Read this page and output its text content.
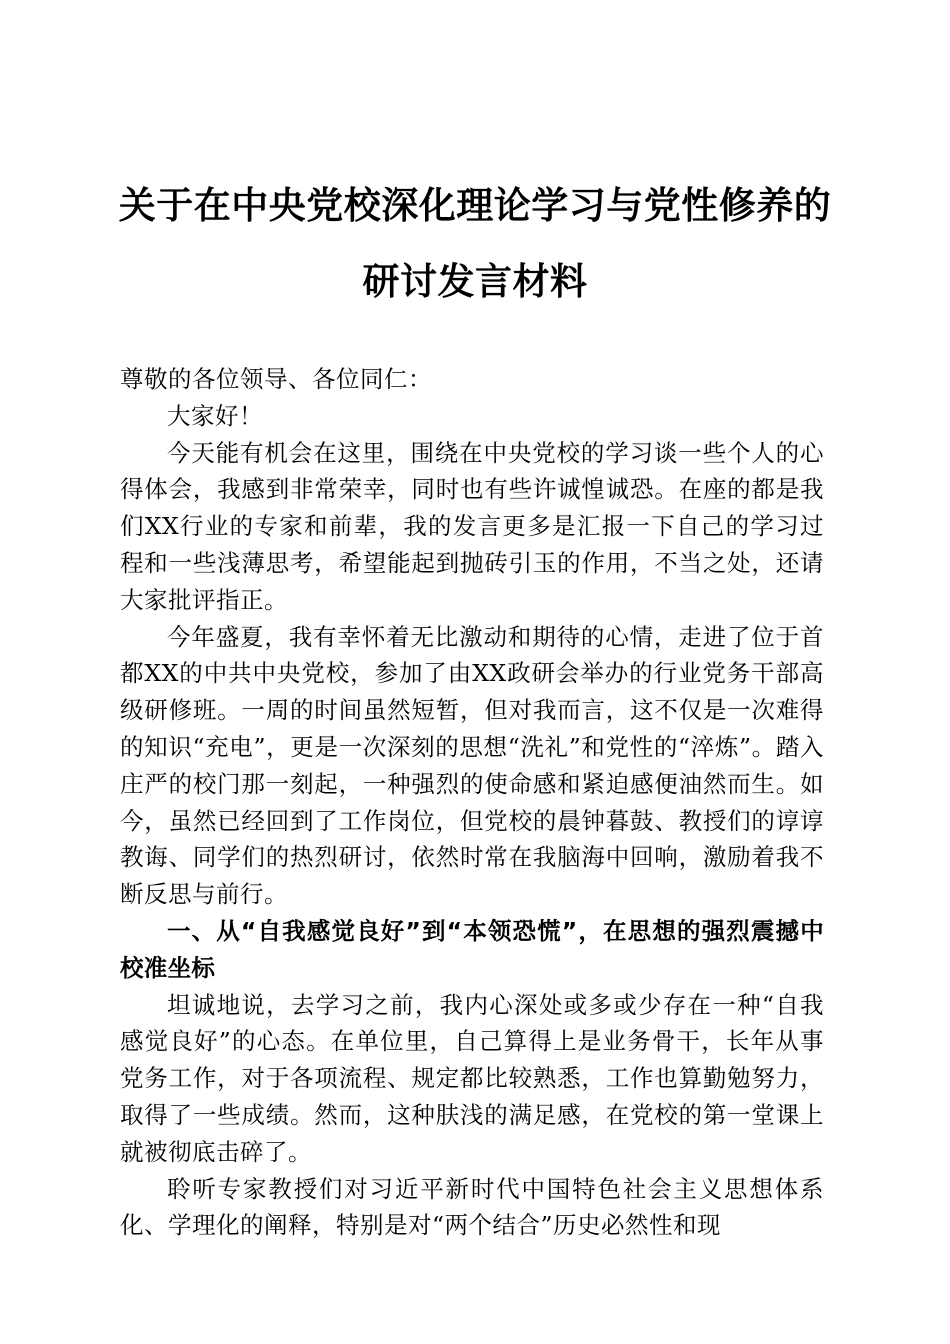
关于在中央党校深化理论学习与党性修养的研讨发言材料

尊敬的各位领导、各位同仁：

大家好！

今天能有机会在这里，围绕在中央党校的学习谈一些个人的心得体会，我感到非常荣幸，同时也有些许诚惶诚恐。在座的都是我们XX行业的专家和前辈，我的发言更多是汇报一下自己的学习过程和一些浅薄思考，希望能起到抛砖引玉的作用，不当之处，还请大家批评指正。

今年盛夏，我有幸怀着无比激动和期待的心情，走进了位于首都XX的中共中央党校，参加了由XX政研会举办的行业党务干部高级研修班。一周的时间虽然短暂，但对我而言，这不仅是一次难得的知识“充电”，更是一次深刻的思想“洗礼”和党性的“淬炼”。踏入庄严的校门那一刻起，一种强烈的使命感和紧迫感便油然而生。如今，虽然已经回到了工作岗位，但党校的晨钟暮鼓、教授们的谆谆教诲、同学们的热烈研讨，依然时常在我脑海中回响，激励着我不断反思与前行。

一、从“自我感觉良好”到“本领恐慌”，在思想的强烈震撼中校准坐标

坦诚地说，去学习之前，我内心深处或多或少存在一种“自我感觉良好”的心态。在单位里，自己算得上是业务骨干，长年从事党务工作，对于各项流程、规定都比较熟悉，工作也算勤勉努力，取得了一些成绩。然而，这种肤浅的满足感，在党校的第一堂课上就被彻底击碎了。

聆听专家教授们对习近平新时代中国特色社会主义思想体系化、学理化的阐释，特别是对“两个结合”历史必然性和现
